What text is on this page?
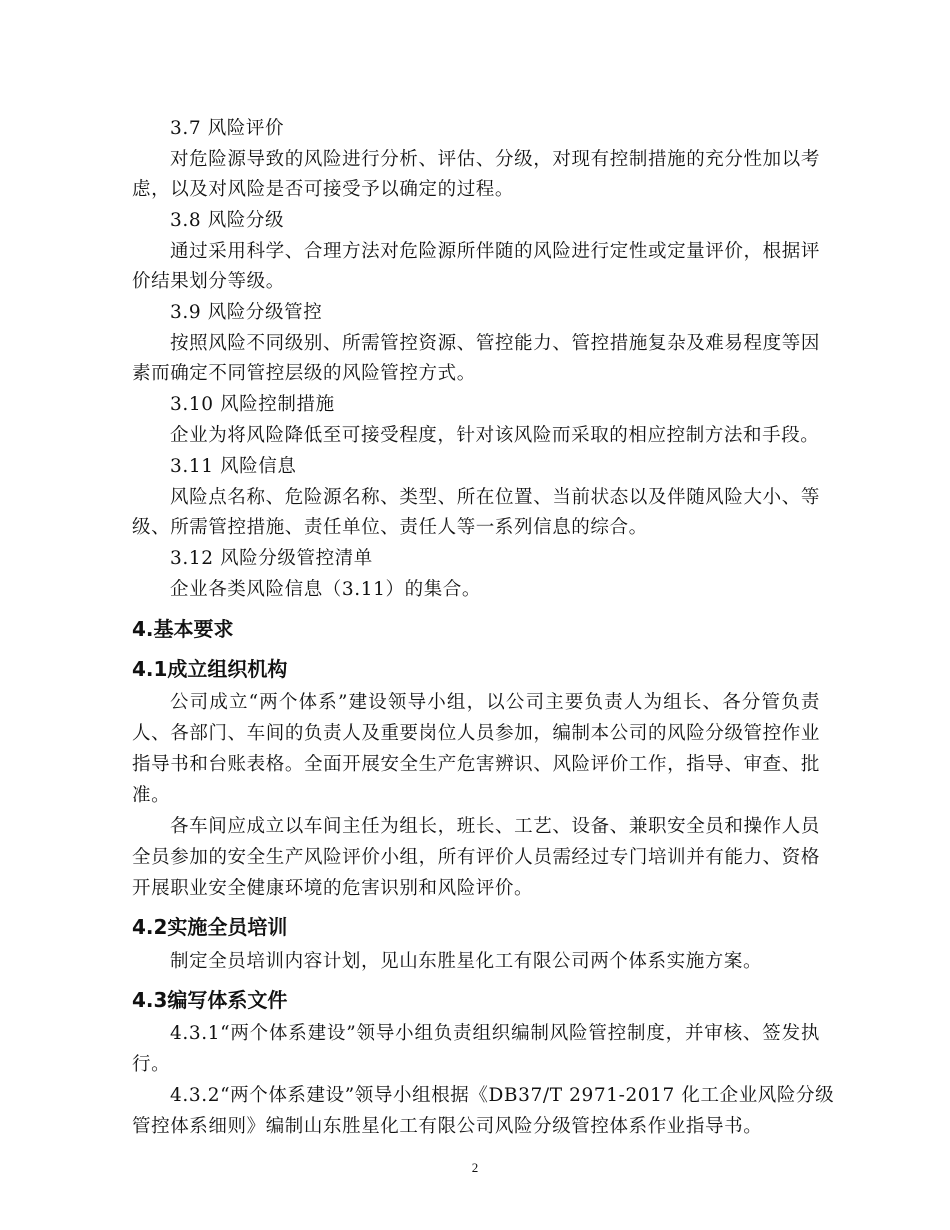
3.7 风险评价
对危险源导致的风险进行分析、评估、分级，对现有控制措施的充分性加以考
虑，以及对风险是否可接受予以确定的过程。
3.8 风险分级
通过采用科学、合理方法对危险源所伴随的风险进行定性或定量评价，根据评
价结果划分等级。
3.9 风险分级管控
按照风险不同级别、所需管控资源、管控能力、管控措施复杂及难易程度等因
素而确定不同管控层级的风险管控方式。
3.10 风险控制措施
企业为将风险降低至可接受程度，针对该风险而采取的相应控制方法和手段。
3.11 风险信息
风险点名称、危险源名称、类型、所在位置、当前状态以及伴随风险大小、等
级、所需管控措施、责任单位、责任人等一系列信息的综合。
3.12 风险分级管控清单
企业各类风险信息（3.11）的集合。
4.基本要求
4.1成立组织机构
公司成立“两个体系”建设领导小组，以公司主要负责人为组长、各分管负责
人、各部门、车间的负责人及重要岗位人员参加，编制本公司的风险分级管控作业
指导书和台账表格。全面开展安全生产危害辨识、风险评价工作，指导、审查、批
准。
各车间应成立以车间主任为组长，班长、工艺、设备、兼职安全员和操作人员
全员参加的安全生产风险评价小组，所有评价人员需经过专门培训并有能力、资格
开展职业安全健康环境的危害识别和风险评价。
4.2实施全员培训
制定全员培训内容计划，见山东胜星化工有限公司两个体系实施方案。
4.3编写体系文件
4.3.1“两个体系建设”领导小组负责组织编制风险管控制度，并审核、签发执
行。
4.3.2“两个体系建设”领导小组根据《DB37/T 2971-2017 化工企业风险分级
管控体系细则》编制山东胜星化工有限公司风险分级管控体系作业指导书。
2
